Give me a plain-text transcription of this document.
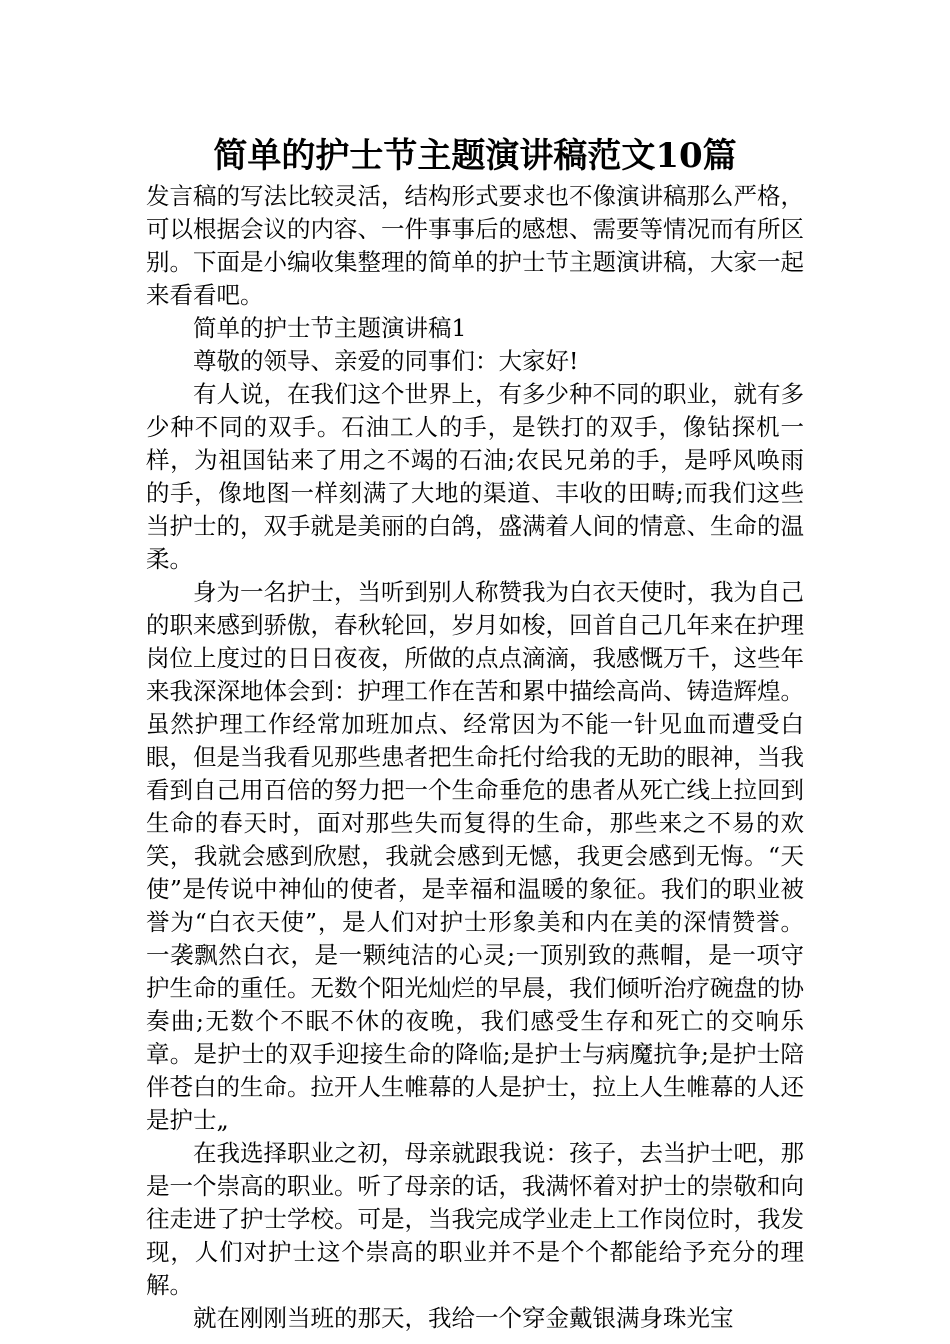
简单的护士节主题演讲稿范文10篇

发言稿的写法比较灵活，结构形式要求也不像演讲稿那么严格，可以根据会议的内容、一件事事后的感想、需要等情况而有所区别。下面是小编收集整理的简单的护士节主题演讲稿，大家一起来看看吧。

简单的护士节主题演讲稿1

尊敬的领导、亲爱的同事们：大家好!

有人说，在我们这个世界上，有多少种不同的职业，就有多少种不同的双手。石油工人的手，是铁打的双手，像钻探机一样，为祖国钻来了用之不竭的石油;农民兄弟的手，是呼风唤雨的手，像地图一样刻满了大地的渠道、丰收的田畴;而我们这些当护士的，双手就是美丽的白鸽，盛满着人间的情意、生命的温柔。

身为一名护士，当听到别人称赞我为白衣天使时，我为自己的职来感到骄傲，春秋轮回，岁月如梭，回首自己几年来在护理岗位上度过的日日夜夜，所做的点点滴滴，我感慨万千，这些年来我深深地体会到：护理工作在苦和累中描绘高尚、铸造辉煌。虽然护理工作经常加班加点、经常因为不能一针见血而遭受白眼，但是当我看见那些患者把生命托付给我的无助的眼神，当我看到自己用百倍的努力把一个生命垂危的患者从死亡线上拉回到生命的春天时，面对那些失而复得的生命，那些来之不易的欢笑，我就会感到欣慰，我就会感到无憾，我更会感到无悔。“天使”是传说中神仙的使者，是幸福和温暖的象征。我们的职业被誉为“白衣天使”，是人们对护士形象美和内在美的深情赞誉。一袭飘然白衣，是一颗纯洁的心灵;一顶别致的燕帽，是一项守护生命的重任。无数个阳光灿烂的早晨，我们倾听治疗碗盘的协奏曲;无数个不眠不休的夜晚，我们感受生存和死亡的交响乐章。是护士的双手迎接生命的降临;是护士与病魔抗争;是护士陪伴苍白的生命。拉开人生帷幕的人是护士，拉上人生帷幕的人还是护士„

在我选择职业之初，母亲就跟我说：孩子，去当护士吧，那是一个崇高的职业。听了母亲的话，我满怀着对护士的崇敬和向往走进了护士学校。可是，当我完成学业走上工作岗位时，我发现，人们对护士这个崇高的职业并不是个个都能给予充分的理解。

就在刚刚当班的那天，我给一个穿金戴银满身珠光宝
